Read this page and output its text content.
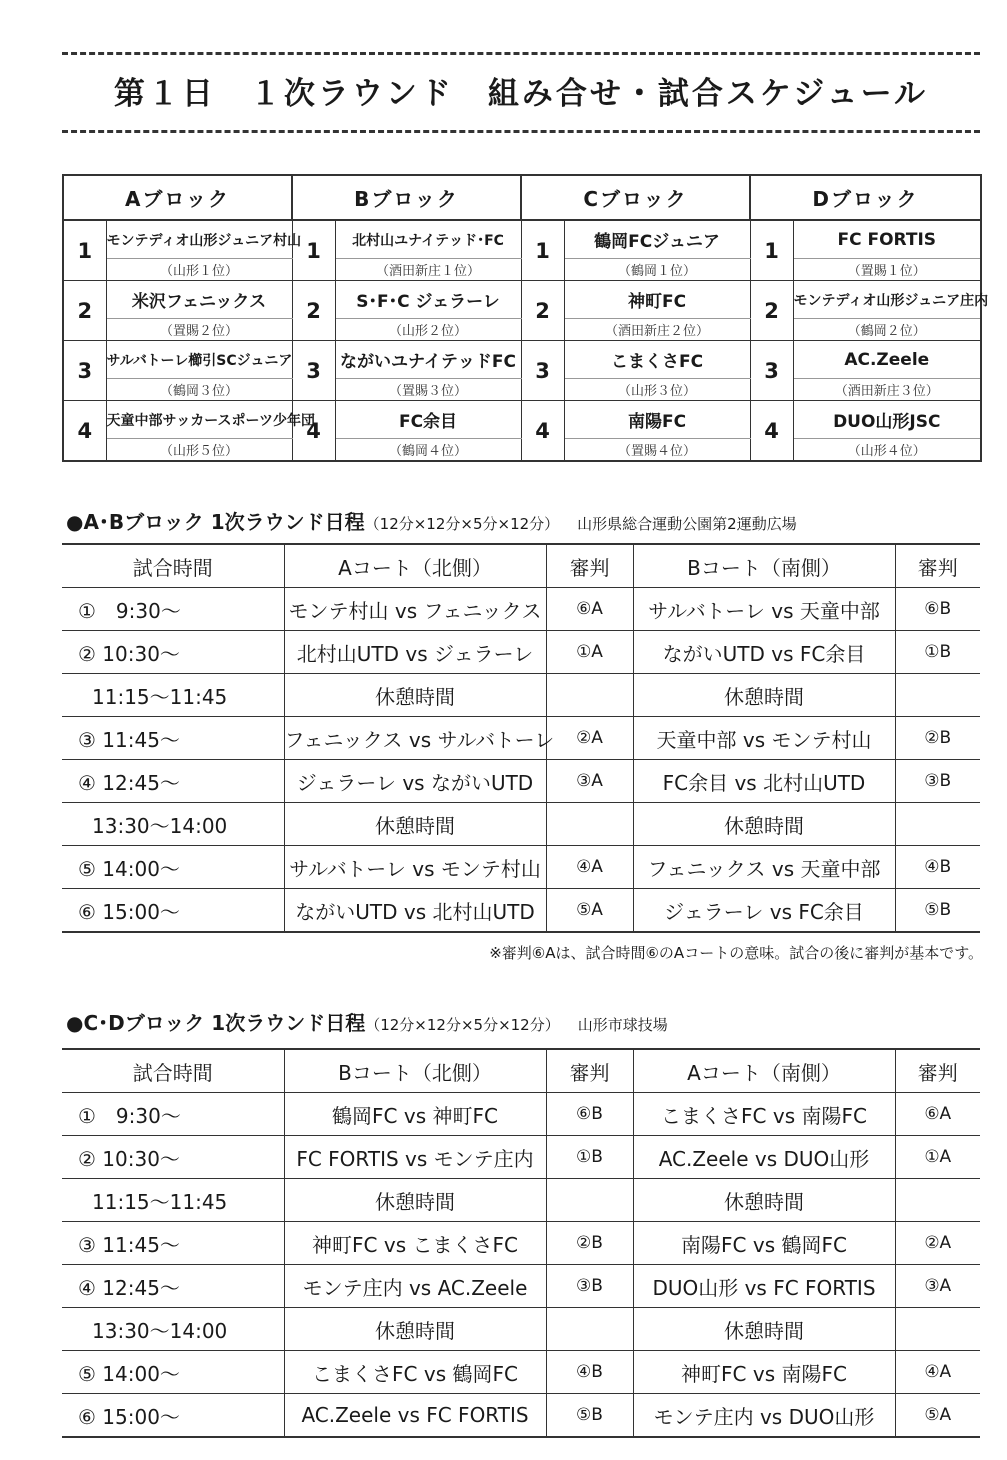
第１日　１次ラウンド　組み合せ・試合スケジュール
Aブロック		Bブロック		Cブロック		Dブロック	
1	モンテディオ山形ジュニア村山	1	北村山ユナイテッド･FC	1	鶴岡FCジュニア	1	FC FORTIS
	（山形１位）		（酒田新庄１位）		（鶴岡１位）		（置賜１位）
2	米沢フェニックス	2	S･F･C ジェラーレ	2	神町FC	2	モンテディオ山形ジュニア庄内
	（置賜２位）		（山形２位）		（酒田新庄２位）		（鶴岡２位）
3	サルバトーレ櫛引SCジュニア	3	ながいユナイテッドFC	3	こまくさFC	3	AC.Zeele
	（鶴岡３位）		（置賜３位）		（山形３位）		（酒田新庄３位）
4	天童中部サッカースポーツ少年団	4	FC余目	4	南陽FC	4	DUO山形JSC
	（山形５位）		（鶴岡４位）		（置賜４位）		（山形４位）
●A･Bブロック 1次ラウンド日程（12分×12分×5分×12分） 山形県総合運動公園第2運動広場
試合時間	Aコート（北側）	審判	Bコート（南側）	審判
①　9:30～	モンテ村山 vs フェニックス	⑥A	サルバトーレ vs 天童中部	⑥B
② 10:30～	北村山UTD vs ジェラーレ	①A	ながいUTD vs FC余目	①B
11:15～11:45	休憩時間		休憩時間	
③ 11:45～	フェニックス vs サルバトーレ	②A	天童中部 vs モンテ村山	②B
④ 12:45～	ジェラーレ vs ながいUTD	③A	FC余目 vs 北村山UTD	③B
13:30～14:00	休憩時間		休憩時間	
⑤ 14:00～	サルバトーレ vs モンテ村山	④A	フェニックス vs 天童中部	④B
⑥ 15:00～	ながいUTD vs 北村山UTD	⑤A	ジェラーレ vs FC余目	⑤B
※審判⑥Aは、試合時間⑥のAコートの意味。試合の後に審判が基本です。
●C･Dブロック 1次ラウンド日程（12分×12分×5分×12分） 山形市球技場
試合時間	Bコート（北側）	審判	Aコート（南側）	審判
①　9:30～	鶴岡FC vs 神町FC	⑥B	こまくさFC vs 南陽FC	⑥A
② 10:30～	FC FORTIS vs モンテ庄内	①B	AC.Zeele vs DUO山形	①A
11:15～11:45	休憩時間		休憩時間	
③ 11:45～	神町FC vs こまくさFC	②B	南陽FC vs 鶴岡FC	②A
④ 12:45～	モンテ庄内 vs AC.Zeele	③B	DUO山形 vs FC FORTIS	③A
13:30～14:00	休憩時間		休憩時間	
⑤ 14:00～	こまくさFC vs 鶴岡FC	④B	神町FC vs 南陽FC	④A
⑥ 15:00～	AC.Zeele vs FC FORTIS	⑤B	モンテ庄内 vs DUO山形	⑤A
